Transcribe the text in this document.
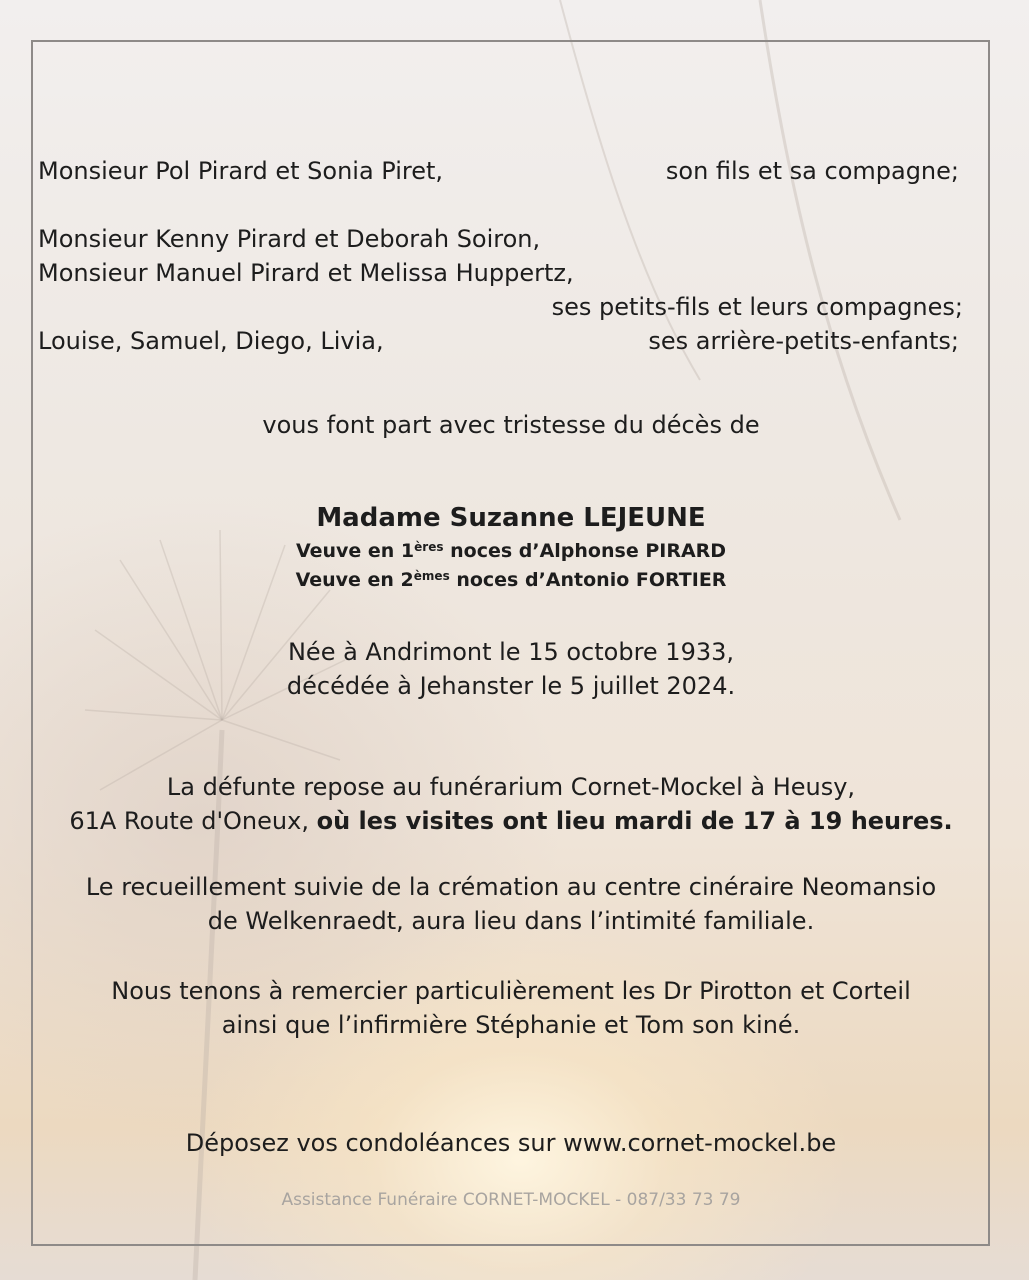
Monsieur Pol Pirard et Sonia Piret,	son fils et sa compagne;
Monsieur Kenny Pirard et Deborah Soiron,
Monsieur Manuel Pirard et Melissa Huppertz,
ses petits-fils et leurs compagnes;
Louise, Samuel, Diego, Livia,	ses arrière-petits-enfants;
vous font part avec tristesse du décès de
Madame Suzanne LEJEUNE
Veuve en 1ères noces d’Alphonse PIRARD
Veuve en 2èmes noces d’Antonio FORTIER
Née à Andrimont le 15 octobre 1933,
décédée à Jehanster le 5 juillet 2024.
La défunte repose au funérarium Cornet-Mockel à Heusy,
61A Route d'Oneux, où les visites ont lieu mardi de 17 à 19 heures.
Le recueillement suivie de la crémation au centre cinéraire Neomansio
de Welkenraedt, aura lieu dans l’intimité familiale.
Nous tenons à remercier particulièrement les Dr Pirotton et Corteil
ainsi que l’infirmière Stéphanie et Tom son kiné.
Déposez vos condoléances sur www.cornet-mockel.be
Assistance Funéraire CORNET-MOCKEL - 087/33 73 79
